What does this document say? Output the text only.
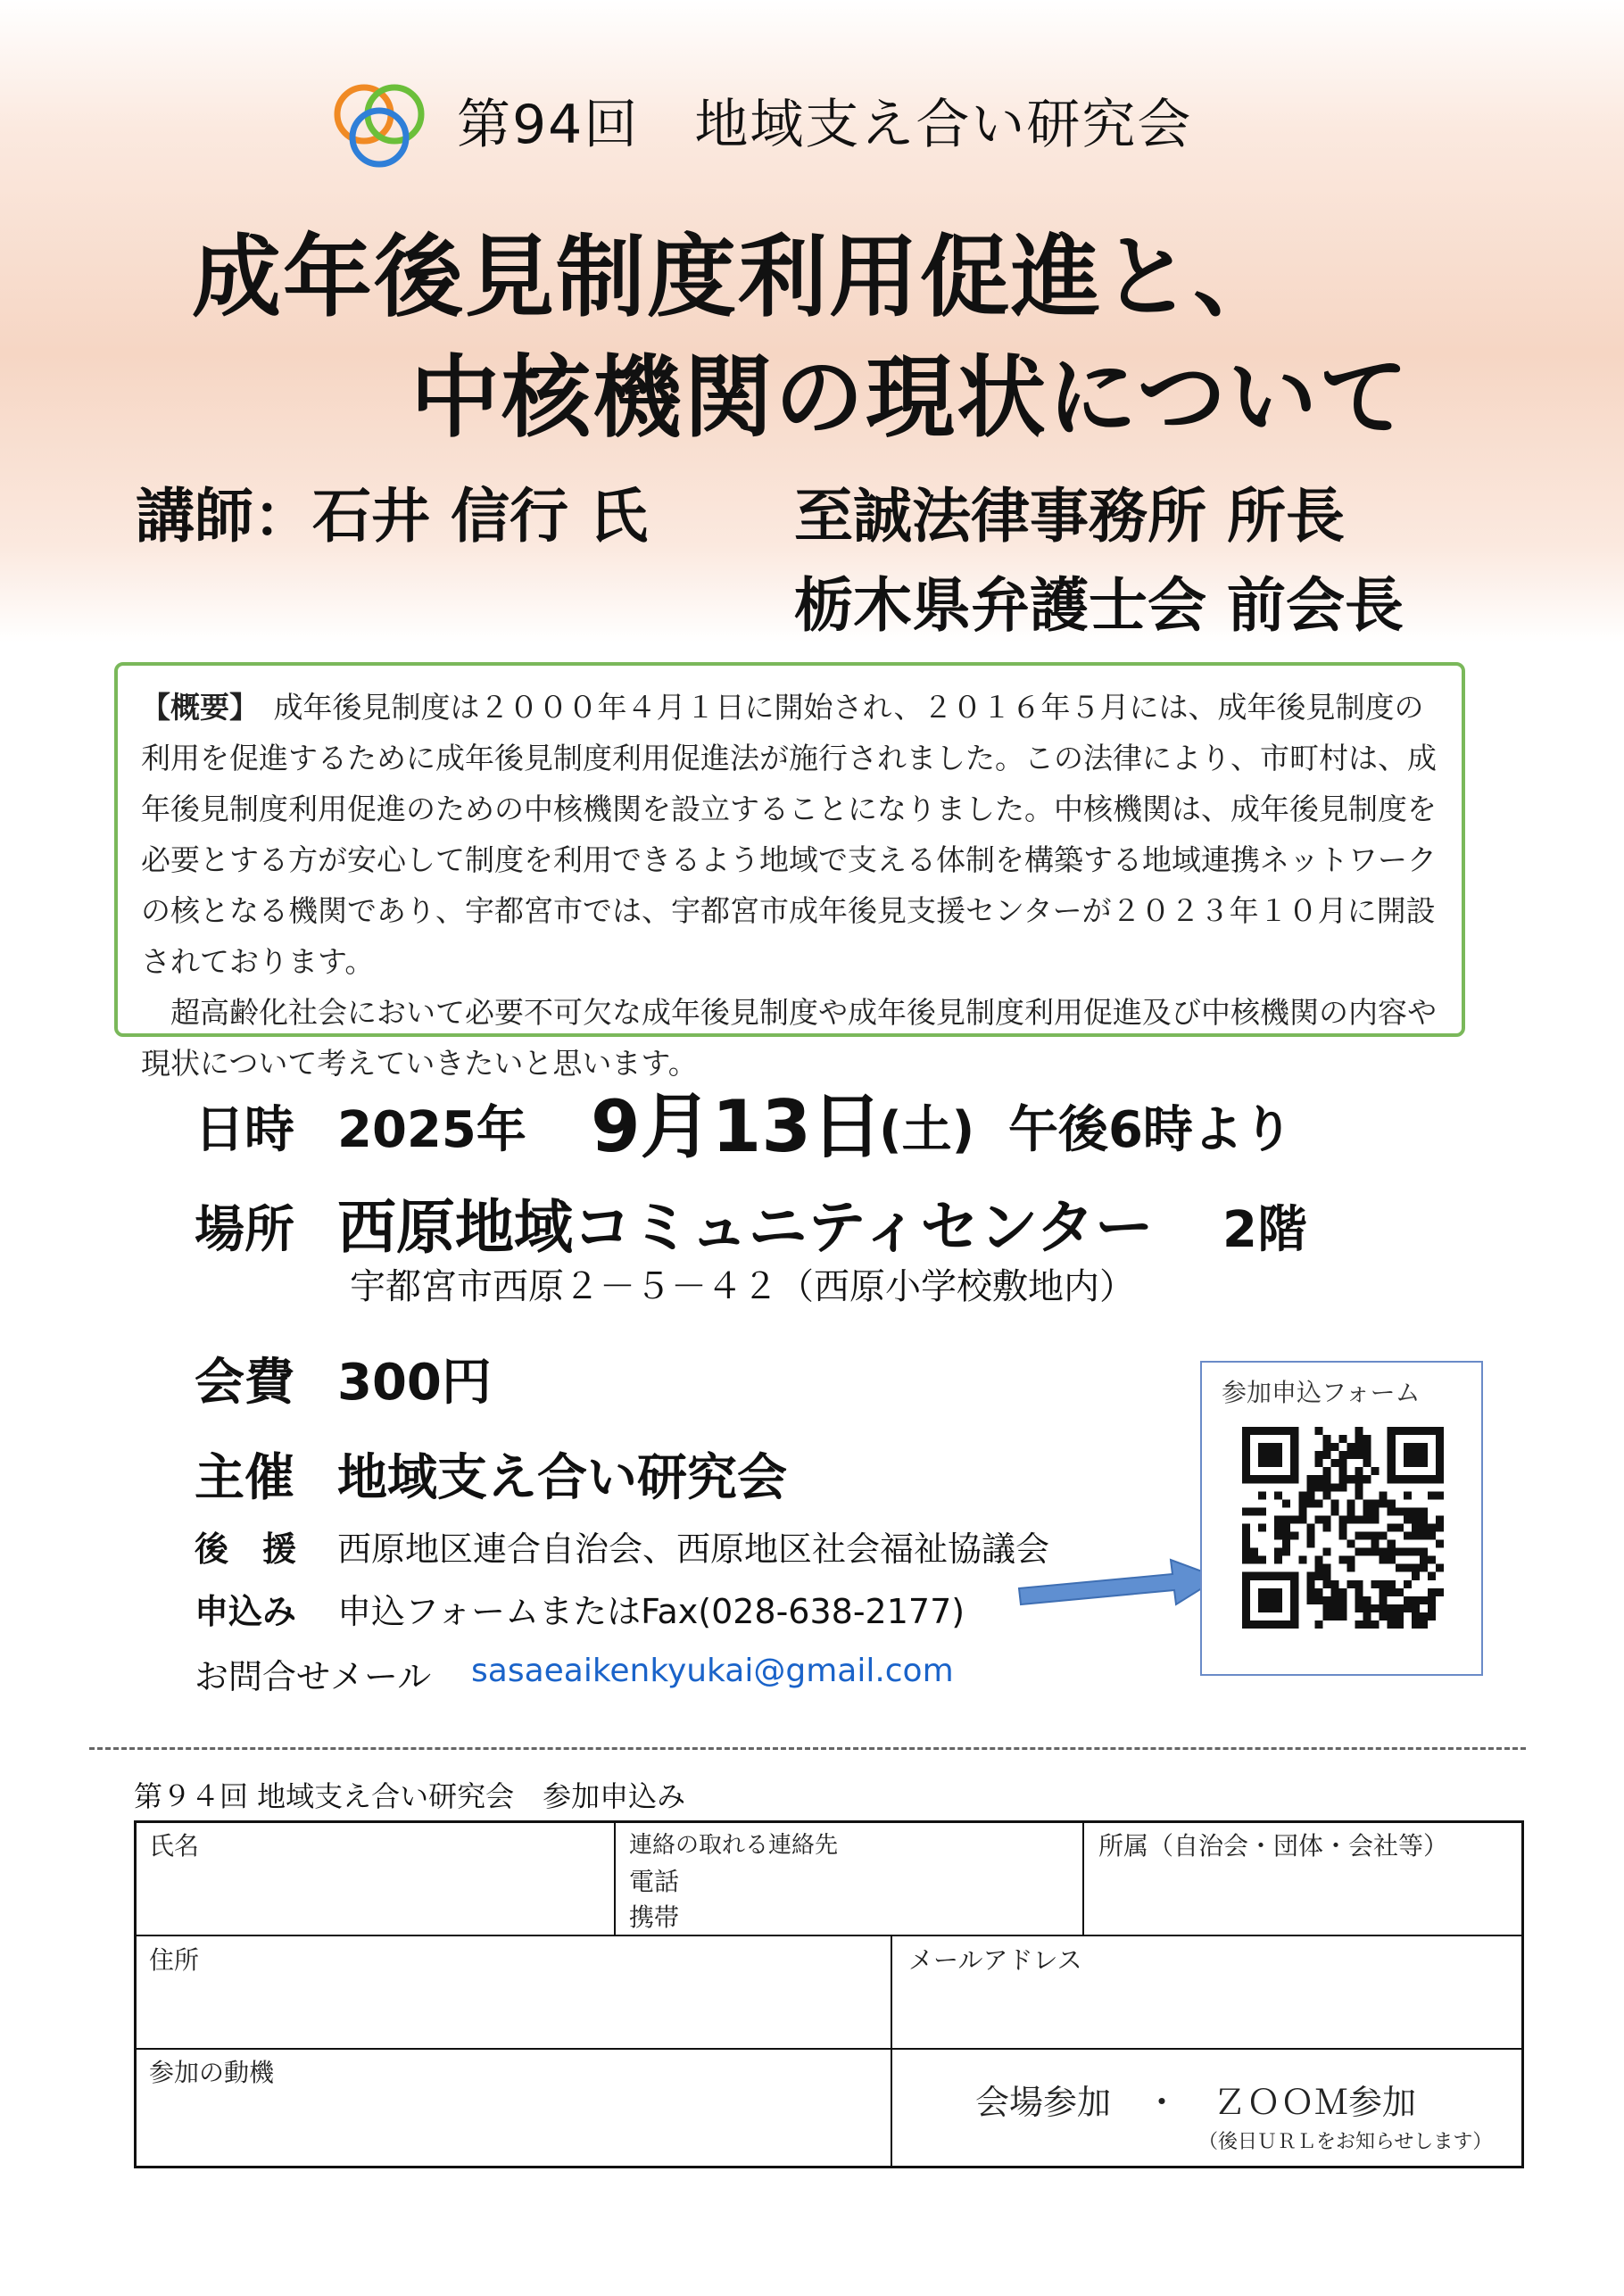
第94回　地域支え合い研究会
成年後見制度利用促進と、
中核機関の現状について
講師：石井 信行 氏 至誠法律事務所 所長
栃木県弁護士会 前会長

【概要】　 成年後見制度は２０００年４月１日に開始され、２０１６年５月には、成年後見制度の利用を促進するために成年後見制度利用促進法が施行されました。この法律により、市町村は、成年後見制度利用促進のための中核機関を設立することになりました。中核機関は、成年後見制度を必要とする方が安心して制度を利用できるよう地域で支える体制を構築する地域連携ネットワークの核となる機関であり、宇都宮市では、宇都宮市成年後見支援センターが２０２３年１０月に開設されております。

超高齢化社会において必要不可欠な成年後見制度や成年後見制度利用促進及び中核機関の内容や現状について考えていきたいと思います。

日時 2025年 9月13日
(土) 午後6時より
場所 西原地域コミュニティセンター 2階
宇都宮市西原２－５－４２（西原小学校敷地内）
会費 300円
主催 地域支え合い研究会
後　援 西原地区連合自治会、西原地区社会福祉協議会
申込み 申込フォームまたはFax(028-638-2177)
お問合せメール sasaeaikenkyukai@gmail.com
参加申込フォーム
第９４回 地域支え合い研究会　参加申込み
氏名	連絡の取れる連絡先
電話
携帯
所属（自治会・団体・会社等）
住所	メールアドレス
参加の動機
会場参加　・　ＺＯＯＭ参加
（後日ＵＲＬをお知らせします）
